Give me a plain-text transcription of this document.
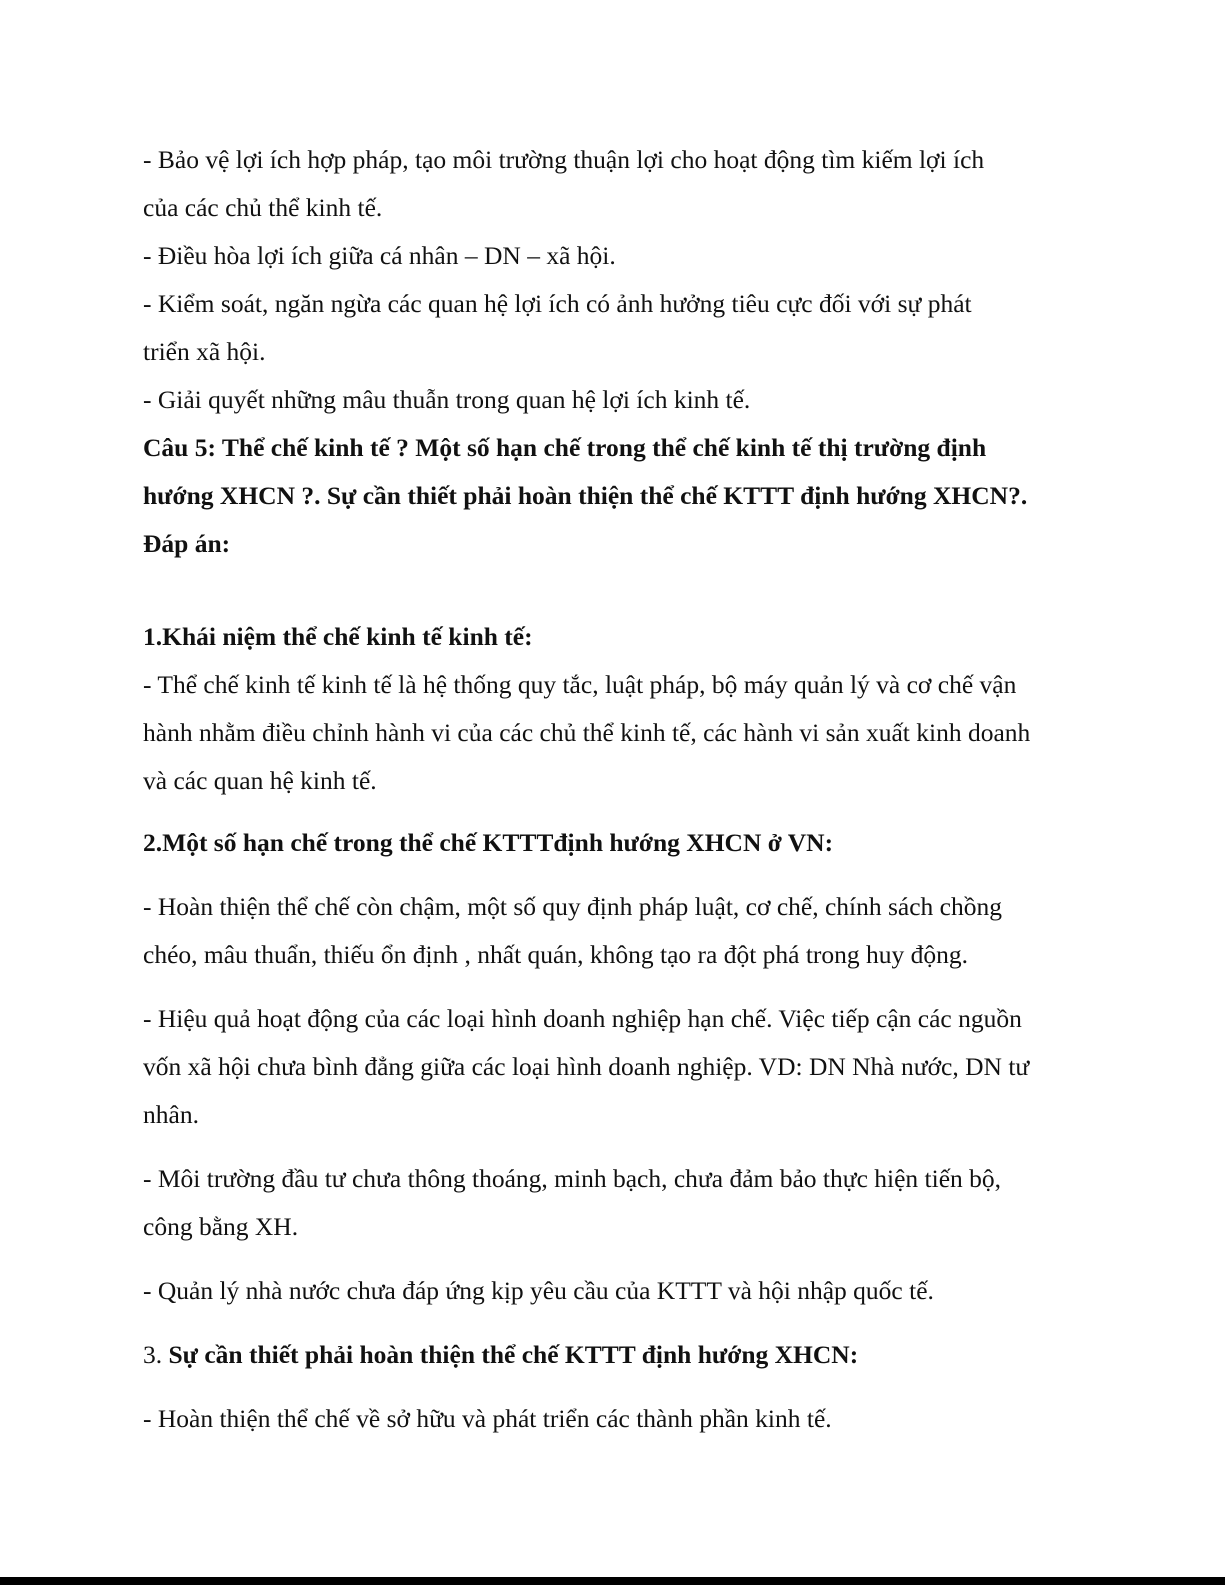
- Bảo vệ lợi ích hợp pháp, tạo môi trường thuận lợi cho hoạt động tìm kiếm lợi ích

của các chủ thể kinh tế.

- Điều hòa lợi ích giữa cá nhân – DN – xã hội.

- Kiểm soát, ngăn ngừa các quan hệ lợi ích có ảnh hưởng tiêu cực đối với sự phát

triển xã hội.

- Giải quyết những mâu thuẫn trong quan hệ lợi ích kinh tế.

Câu 5: Thể chế kinh tế ? Một số hạn chế trong thể chế kinh tế thị trường định

hướng XHCN ?. Sự cần thiết phải hoàn thiện thể chế KTTT định hướng XHCN?.

Đáp án:

1.Khái niệm thể chế kinh tế kinh tế:

- Thể chế kinh tế kinh tế là hệ thống quy tắc, luật pháp, bộ máy quản lý và cơ chế vận

hành nhằm điều chỉnh hành vi của các chủ thể kinh tế, các hành vi sản xuất kinh doanh

và các quan hệ kinh tế.

2.Một số hạn chế trong thể chế KTTTđịnh hướng XHCN ở VN:

- Hoàn thiện thể chế còn chậm, một số quy định pháp luật, cơ chế, chính sách chồng

chéo, mâu thuẩn, thiếu ổn định , nhất quán, không tạo ra đột phá trong huy động.

- Hiệu quả hoạt động của các loại hình doanh nghiệp hạn chế. Việc tiếp cận các nguồn

vốn xã hội chưa bình đẳng giữa các loại hình doanh nghiệp. VD: DN Nhà nước, DN tư

nhân.

- Môi trường đầu tư chưa thông thoáng, minh bạch, chưa đảm bảo thực hiện tiến bộ,

công bằng XH.

- Quản lý nhà nước chưa đáp ứng kịp yêu cầu của KTTT và hội nhập quốc tế.

3. Sự cần thiết phải hoàn thiện thể chế KTTT định hướng XHCN:

- Hoàn thiện thể chế về sở hữu và phát triển các thành phần kinh tế.
